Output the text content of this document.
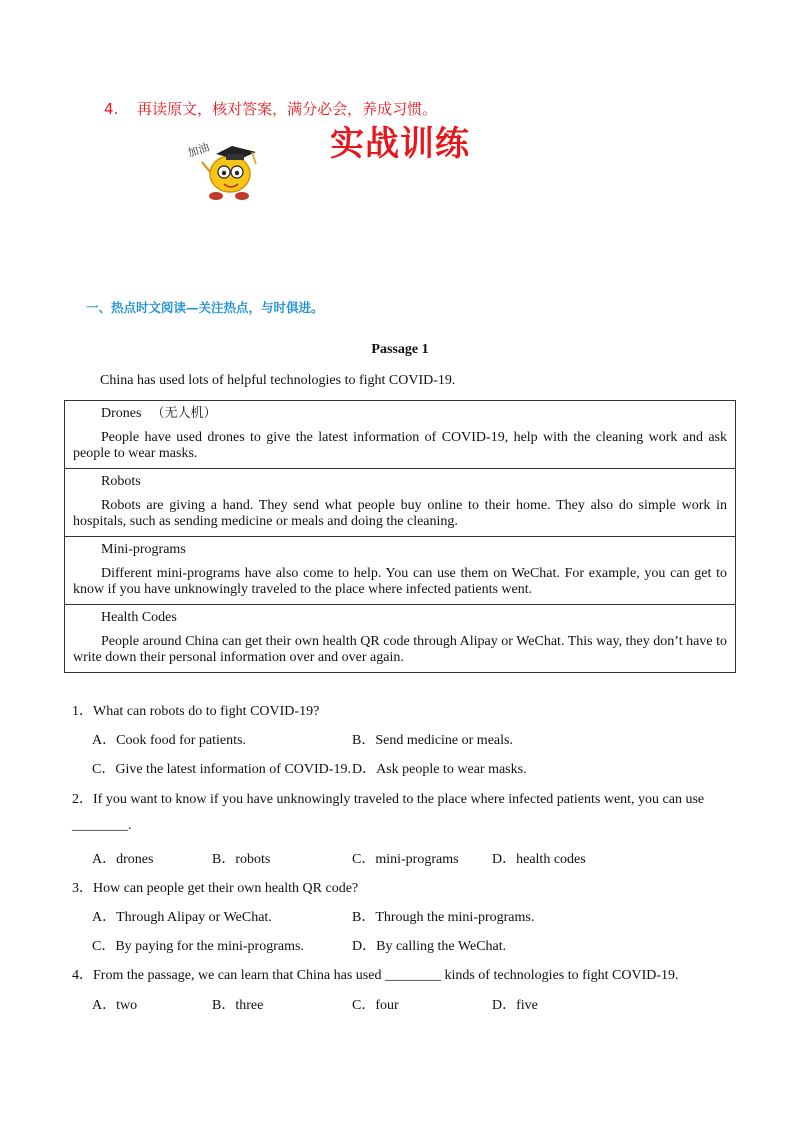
4. 再读原文，核对答案，满分必会，养成习惯。
加油	实战训练
一、热点时文阅读—关注热点，与时俱进。
Passage 1
China has used lots of helpful technologies to fight COVID-19.
Drones （无人机）
People have used drones to give the latest information of COVID-19, help with the cleaning work and ask people to wear masks.
Robots
Robots are giving a hand. They send what people buy online to their home. They also do simple work in hospitals, such as sending medicine or meals and doing the cleaning.
Mini-programs
Different mini-programs have also come to help. You can use them on WeChat. For example, you can get to know if you have unknowingly traveled to the place where infected patients went.
Health Codes
People around China can get their own health QR code through Alipay or WeChat. This way, they don’t have to write down their personal information over and over again.
1．What can robots do to fight COVID-19?
A．Cook food for patients.	B．Send medicine or meals.
C．Give the latest information of COVID-19. D．Ask people to wear masks.
2．If you want to know if you have unknowingly traveled to the place where infected patients went, you can use
________.
A．drones	B．robots	C．mini-programs D．health codes
3．How can people get their own health QR code?
A．Through Alipay or WeChat.	B．Through the mini-programs.
C．By paying for the mini-programs.	D．By calling the WeChat.
4．From the passage, we can learn that China has used ________ kinds of technologies to fight COVID-19.
A．two	B．three	C．four	D．five
